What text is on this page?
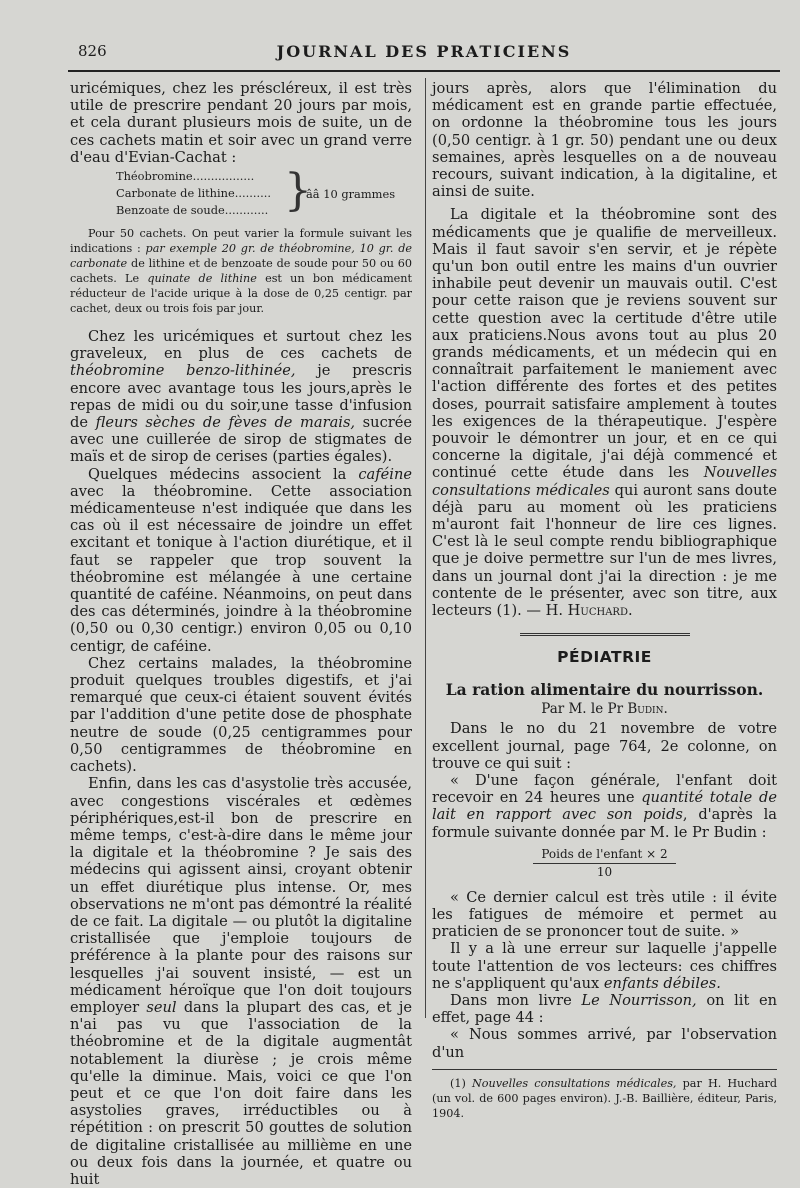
826	JOURNAL DES PRATICIENS

uricémiques, chez les préscléreux, il est très utile de prescrire pendant 20 jours par mois, et cela durant plusieurs mois de suite, un de ces cachets matin et soir avec un grand verre d'eau d'Evian-Cachat :

Théobromine.................
Carbonate de lithine..........
Benzoate de soude............ }
ââ 10 grammes

Pour 50 cachets. On peut varier la formule suivant les indications : par exemple 20 gr. de théobromine, 10 gr. de carbonate de lithine et de benzoate de soude pour 50 ou 60 cachets. Le quinate de lithine est un bon médicament réducteur de l'acide urique à la dose de 0,25 centigr. par cachet, deux ou trois fois par jour.

Chez les uricémiques et surtout chez les graveleux, en plus de ces cachets de théobromine benzo-lithinée, je prescris encore avec avantage tous les jours,après le repas de midi ou du soir,une tasse d'infusion de fleurs sèches de fèves de marais, sucrée avec une cuillerée de sirop de stigmates de maïs et de sirop de cerises (parties égales).

Quelques médecins associent la caféine avec la théobromine. Cette association médicamenteuse n'est indiquée que dans les cas où il est nécessaire de joindre un effet excitant et tonique à l'action diurétique, et il faut se rappeler que trop souvent la théobromine est mélangée à une certaine quantité de caféine. Néanmoins, on peut dans des cas déterminés, joindre à la théobromine (0,50 ou 0,30 centigr.) environ 0,05 ou 0,10 centigr, de caféine.

Chez certains malades, la théobromine produit quelques troubles digestifs, et j'ai remarqué que ceux-ci étaient souvent évités par l'addition d'une petite dose de phosphate neutre de soude (0,25 centigrammes pour 0,50 centigrammes de théobromine en cachets).

Enfin, dans les cas d'asystolie très accusée, avec congestions viscérales et œdèmes périphériques,est-il bon de prescrire en même temps, c'est-à-dire dans le même jour la digitale et la théobromine ? Je sais des médecins qui agissent ainsi, croyant obtenir un effet diurétique plus intense. Or, mes observations ne m'ont pas démontré la réalité de ce fait. La digitale — ou plutôt la digitaline cristallisée que j'emploie toujours de préférence à la plante pour des raisons sur lesquelles j'ai souvent insisté, — est un médicament héroïque que l'on doit toujours employer seul dans la plupart des cas, et je n'ai pas vu que l'association de la théobromine et de la digitale augmentât notablement la diurèse ; je crois même qu'elle la diminue. Mais, voici ce que l'on peut et ce que l'on doit faire dans les asystolies graves, irréductibles ou à répétition : on prescrit 50 gouttes de solution de digitaline cristallisée au millième en une ou deux fois dans la journée, et quatre ou huit

jours après, alors que l'élimination du médicament est en grande partie effectuée, on ordonne la théobromine tous les jours (0,50 centigr. à 1 gr. 50) pendant une ou deux semaines, après lesquelles on a de nouveau recours, suivant indication, à la digitaline, et ainsi de suite.

La digitale et la théobromine sont des médicaments que je qualifie de merveilleux. Mais il faut savoir s'en servir, et je répète qu'un bon outil entre les mains d'un ouvrier inhabile peut devenir un mauvais outil. C'est pour cette raison que je reviens souvent sur cette question avec la certitude d'être utile aux praticiens.Nous avons tout au plus 20 grands médicaments, et un médecin qui en connaîtrait parfaitement le maniement avec l'action différente des fortes et des petites doses, pourrait satisfaire amplement à toutes les exigences de la thérapeutique. J'espère pouvoir le démontrer un jour, et en ce qui concerne la digitale, j'ai déjà commencé et continué cette étude dans les Nouvelles consultations médicales qui auront sans doute déjà paru au moment où les praticiens m'auront fait l'honneur de lire ces lignes. C'est là le seul compte rendu bibliographique que je doive permettre sur l'un de mes livres, dans un journal dont j'ai la direction : je me contente de le présenter, avec son titre, aux lecteurs (1). — H. Huchard.

PÉDIATRIE
La ration alimentaire du nourrisson.
Par M. le Pr Budin.

Dans le no du 21 novembre de votre excellent journal, page 764, 2e colonne, on trouve ce qui suit :

« D'une façon générale, l'enfant doit recevoir en 24 heures une quantité totale de lait en rapport avec son poids, d'après la formule suivante donnée par M. le Pr Budin :

Poids de l'enfant × 2
10

« Ce dernier calcul est très utile : il évite les fatigues de mémoire et permet au praticien de se prononcer tout de suite. »

Il y a là une erreur sur laquelle j'appelle toute l'attention de vos lecteurs: ces chiffres ne s'appliquent qu'aux enfants débiles.

Dans mon livre Le Nourrisson, on lit en effet, page 44 :

« Nous sommes arrivé, par l'observation d'un

(1) Nouvelles consultations médicales, par H. Huchard (un vol. de 600 pages environ). J.-B. Baillière, éditeur, Paris, 1904.
